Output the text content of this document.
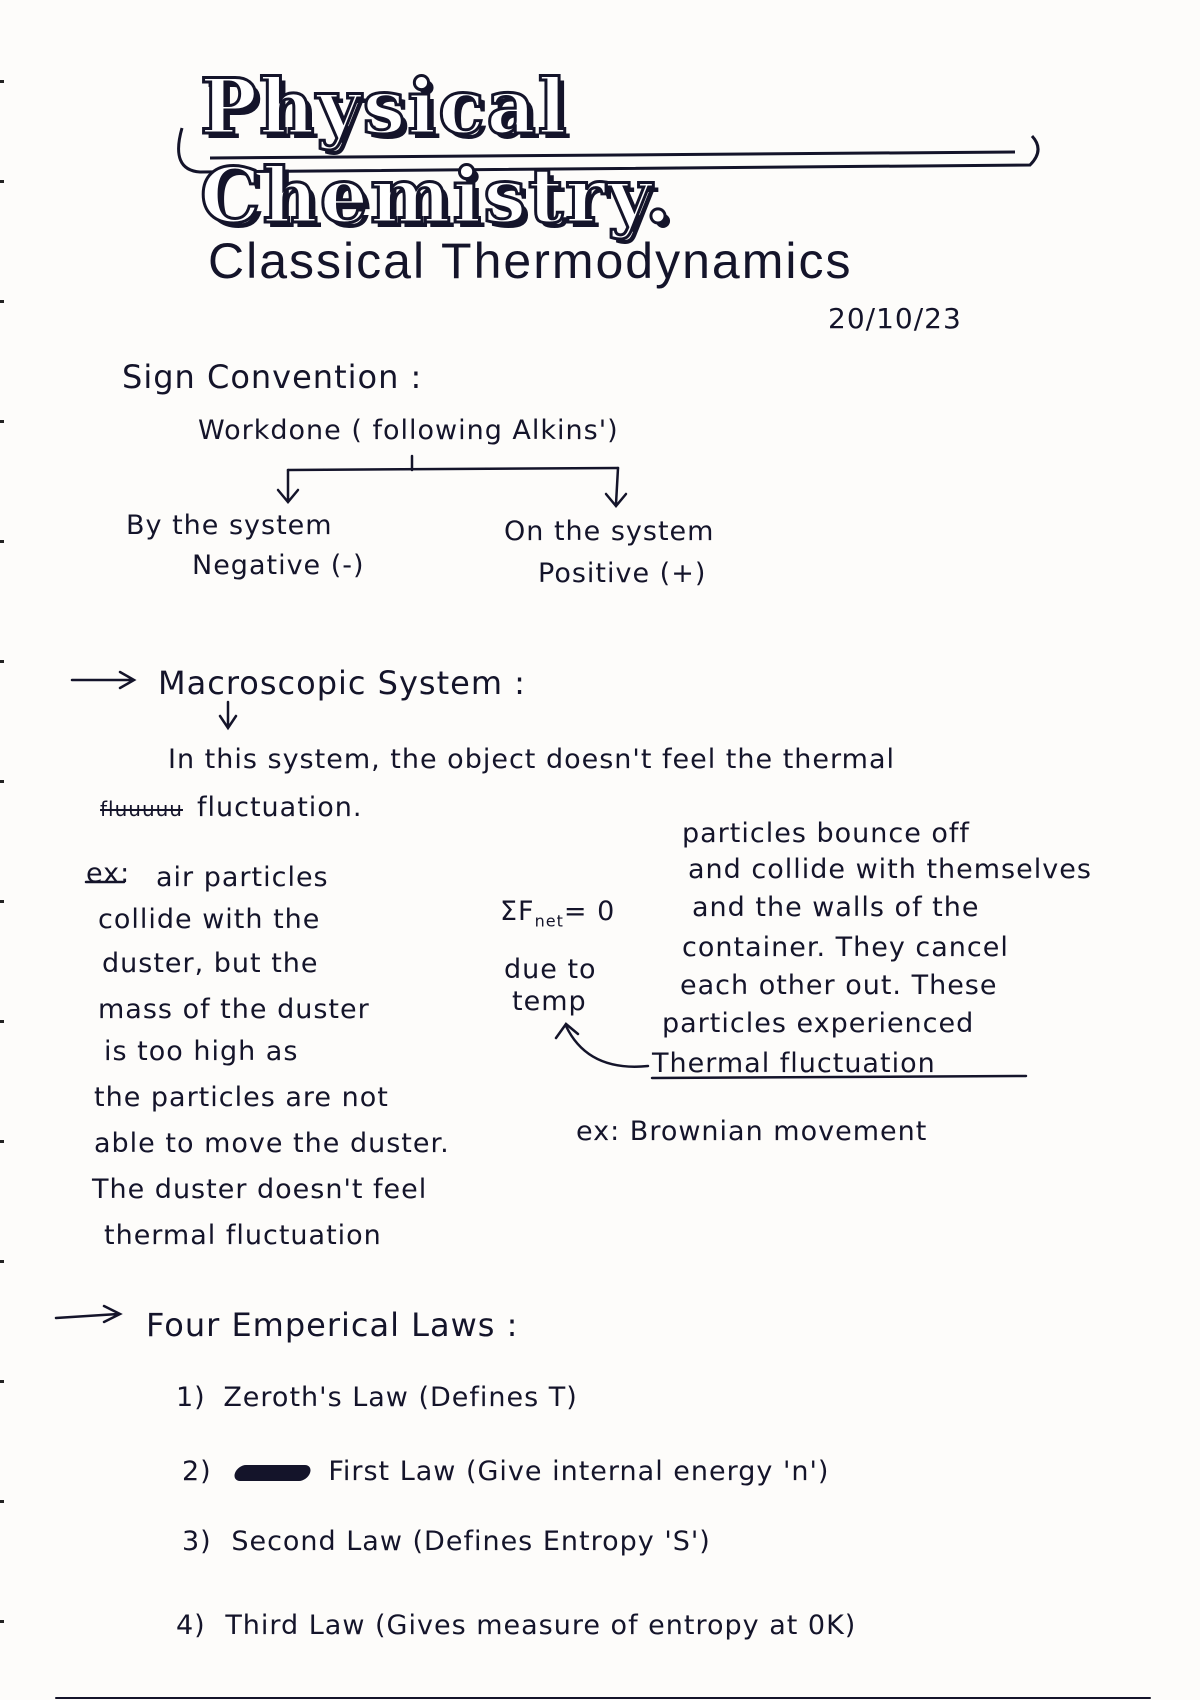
Physical Chemistry.
Classical Thermodynamics
20/10/23
Sign Convention :
Workdone ( following Alkins')
By the system
Negative (-)
On the system
Positive (+)
Macroscopic System :
In this system, the object doesn't feel the thermal
fluuuuu fluctuation.
ex: air particles
collide with the
duster, but the
mass of the duster
is too high as
the particles are not
able to move the duster.
The duster doesn't feel
thermal fluctuation
$\Sigma F_{net}= 0$
due to
temp
particles bounce off
and collide with themselves
and the walls of the
container. They cancel
each other out. These
particles experienced
Thermal fluctuation
ex: Brownian movement
Four Emperical Laws :
1) Zeroth's Law (Defines T)
2)	First Law (Give internal energy 'n')
3) Second Law (Defines Entropy 'S')
4) Third Law (Gives measure of entropy at 0K)
